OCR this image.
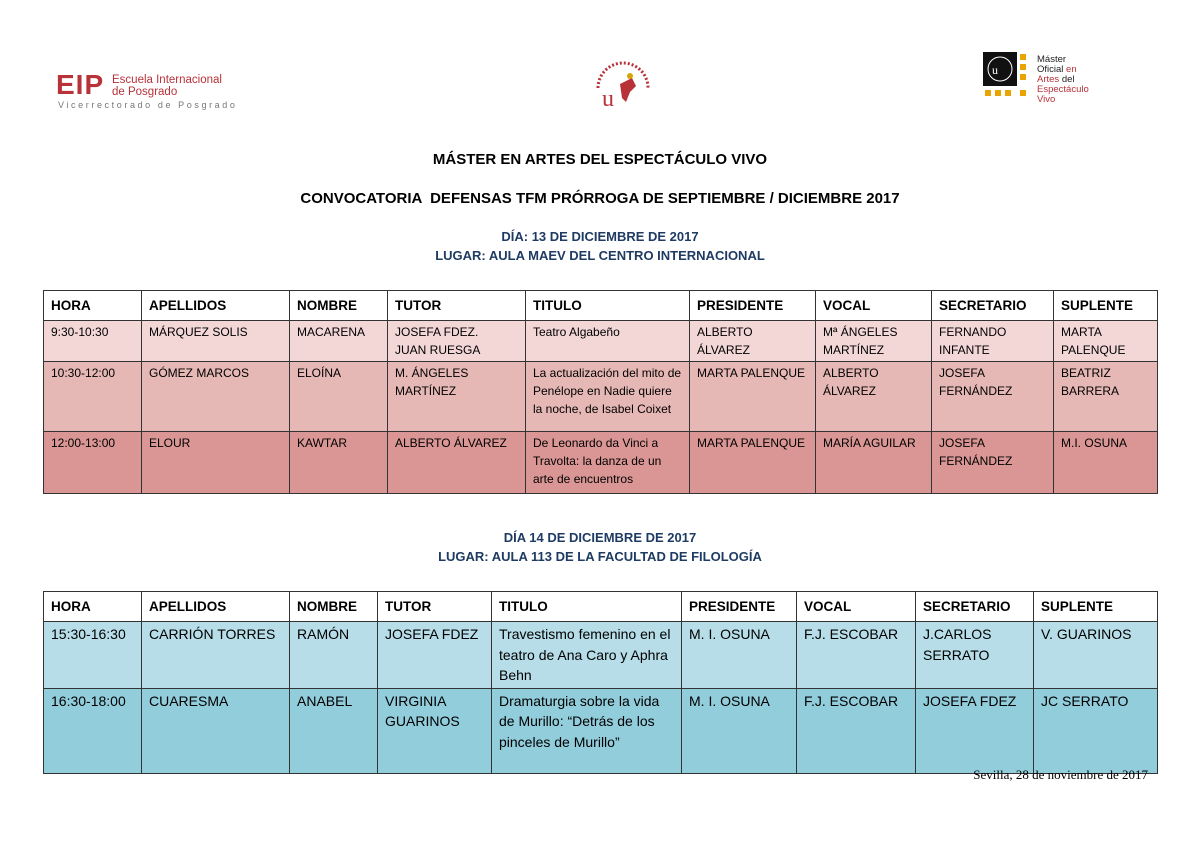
EIP Escuela Internacional
de Posgrado
Vicerrectorado de Posgrado	u
u
Máster
Oficial en
Artes del
Espectáculo
Vivo
MÁSTER EN ARTES DEL ESPECTÁCULO VIVO
CONVOCATORIA  DEFENSAS TFM PRÓRROGA DE SEPTIEMBRE / DICIEMBRE 2017
DÍA: 13 DE DICIEMBRE DE 2017
LUGAR: AULA MAEV DEL CENTRO INTERNACIONAL
HORA	APELLIDOS	NOMBRE	TUTOR	TITULO	PRESIDENTE	VOCAL	SECRETARIO	SUPLENTE
9:30-10:30	MÁRQUEZ SOLIS	MACARENA	JOSEFA FDEZ.
JUAN RUESGA	Teatro Algabeño	ALBERTO ÁLVAREZ	Mª ÁNGELES MARTÍNEZ	FERNANDO INFANTE	MARTA PALENQUE
10:30-12:00	GÓMEZ MARCOS	ELOÍNA	M. ÁNGELES MARTÍNEZ	La actualización del mito de Penélope en Nadie quiere la noche, de Isabel Coixet	MARTA PALENQUE	ALBERTO ÁLVAREZ	JOSEFA FERNÁNDEZ	BEATRIZ BARRERA
12:00-13:00	ELOUR	KAWTAR	ALBERTO ÁLVAREZ	De Leonardo da Vinci a Travolta: la danza de un arte de encuentros	MARTA PALENQUE	MARÍA AGUILAR	JOSEFA FERNÁNDEZ	M.I. OSUNA
DÍA 14 DE DICIEMBRE DE 2017
LUGAR: AULA 113 DE LA FACULTAD DE FILOLOGÍA
HORA	APELLIDOS	NOMBRE	TUTOR	TITULO	PRESIDENTE	VOCAL	SECRETARIO	SUPLENTE
15:30-16:30	CARRIÓN TORRES	RAMÓN	JOSEFA FDEZ	Travestismo femenino en el teatro de Ana Caro y Aphra Behn	M. I. OSUNA	F.J. ESCOBAR	J.CARLOS SERRATO	V. GUARINOS
16:30-18:00	CUARESMA	ANABEL	VIRGINIA GUARINOS	Dramaturgia sobre la vida de Murillo: “Detrás de los pinceles de Murillo”	M. I. OSUNA	F.J. ESCOBAR	JOSEFA FDEZ	JC SERRATO
Sevilla, 28 de noviembre de 2017
